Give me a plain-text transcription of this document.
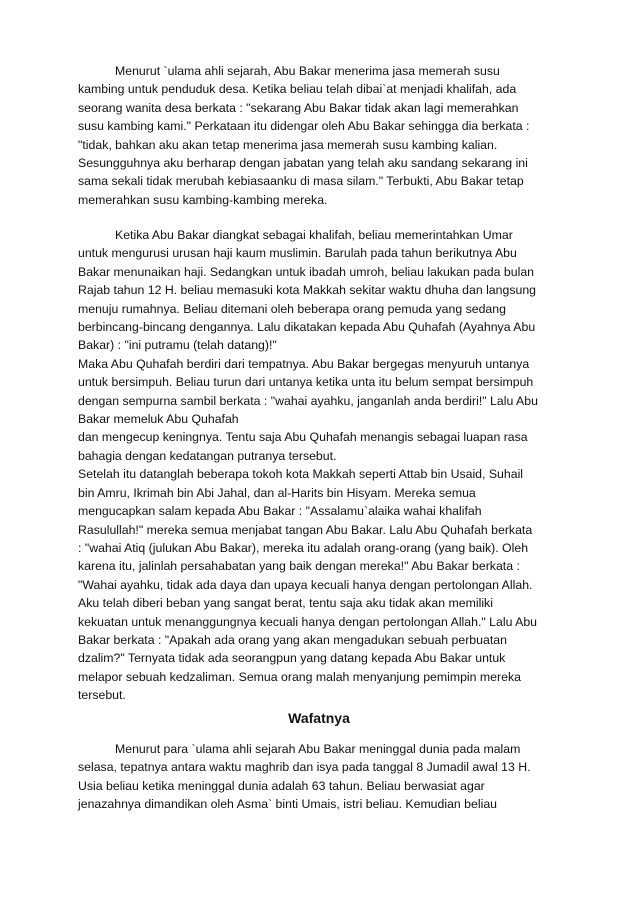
Menurut `ulama ahli sejarah, Abu Bakar menerima jasa memerah susu
kambing untuk penduduk desa. Ketika beliau telah dibai`at menjadi khalifah, ada
seorang wanita desa berkata : "sekarang Abu Bakar tidak akan lagi memerahkan
susu kambing kami." Perkataan itu didengar oleh Abu Bakar sehingga dia berkata :
"tidak, bahkan aku akan tetap menerima jasa memerah susu kambing kalian.
Sesungguhnya aku berharap dengan jabatan yang telah aku sandang sekarang ini
sama sekali tidak merubah kebiasaanku di masa silam." Terbukti, Abu Bakar tetap
memerahkan susu kambing-kambing mereka.
Ketika Abu Bakar diangkat sebagai khalifah, beliau memerintahkan Umar
untuk mengurusi urusan haji kaum muslimin. Barulah pada tahun berikutnya Abu
Bakar menunaikan haji. Sedangkan untuk ibadah umroh, beliau lakukan pada bulan
Rajab tahun 12 H. beliau memasuki kota Makkah sekitar waktu dhuha dan langsung
menuju rumahnya. Beliau ditemani oleh beberapa orang pemuda yang sedang
berbincang-bincang dengannya. Lalu dikatakan kepada Abu Quhafah (Ayahnya Abu
Bakar) : "ini putramu (telah datang)!"
Maka Abu Quhafah berdiri dari tempatnya. Abu Bakar bergegas menyuruh untanya
untuk bersimpuh. Beliau turun dari untanya ketika unta itu belum sempat bersimpuh
dengan sempurna sambil berkata : "wahai ayahku, janganlah anda berdiri!" Lalu Abu
Bakar memeluk Abu Quhafah
dan mengecup keningnya. Tentu saja Abu Quhafah menangis sebagai luapan rasa
bahagia dengan kedatangan putranya tersebut.
Setelah itu datanglah beberapa tokoh kota Makkah seperti Attab bin Usaid, Suhail
bin Amru, Ikrimah bin Abi Jahal, dan al-Harits bin Hisyam. Mereka semua
mengucapkan salam kepada Abu Bakar : "Assalamu`alaika wahai khalifah
Rasulullah!" mereka semua menjabat tangan Abu Bakar. Lalu Abu Quhafah berkata
: "wahai Atiq (julukan Abu Bakar), mereka itu adalah orang-orang (yang baik). Oleh
karena itu, jalinlah persahabatan yang baik dengan mereka!" Abu Bakar berkata :
"Wahai ayahku, tidak ada daya dan upaya kecuali hanya dengan pertolongan Allah.
Aku telah diberi beban yang sangat berat, tentu saja aku tidak akan memiliki
kekuatan untuk menanggungnya kecuali hanya dengan pertolongan Allah." Lalu Abu
Bakar berkata : "Apakah ada orang yang akan mengadukan sebuah perbuatan
dzalim?" Ternyata tidak ada seorangpun yang datang kepada Abu Bakar untuk
melapor sebuah kedzaliman. Semua orang malah menyanjung pemimpin mereka
tersebut.
Wafatnya
Menurut para `ulama ahli sejarah Abu Bakar meninggal dunia pada malam
selasa, tepatnya antara waktu maghrib dan isya pada tanggal 8 Jumadil awal 13 H.
Usia beliau ketika meninggal dunia adalah 63 tahun. Beliau berwasiat agar
jenazahnya dimandikan oleh Asma` binti Umais, istri beliau. Kemudian beliau
